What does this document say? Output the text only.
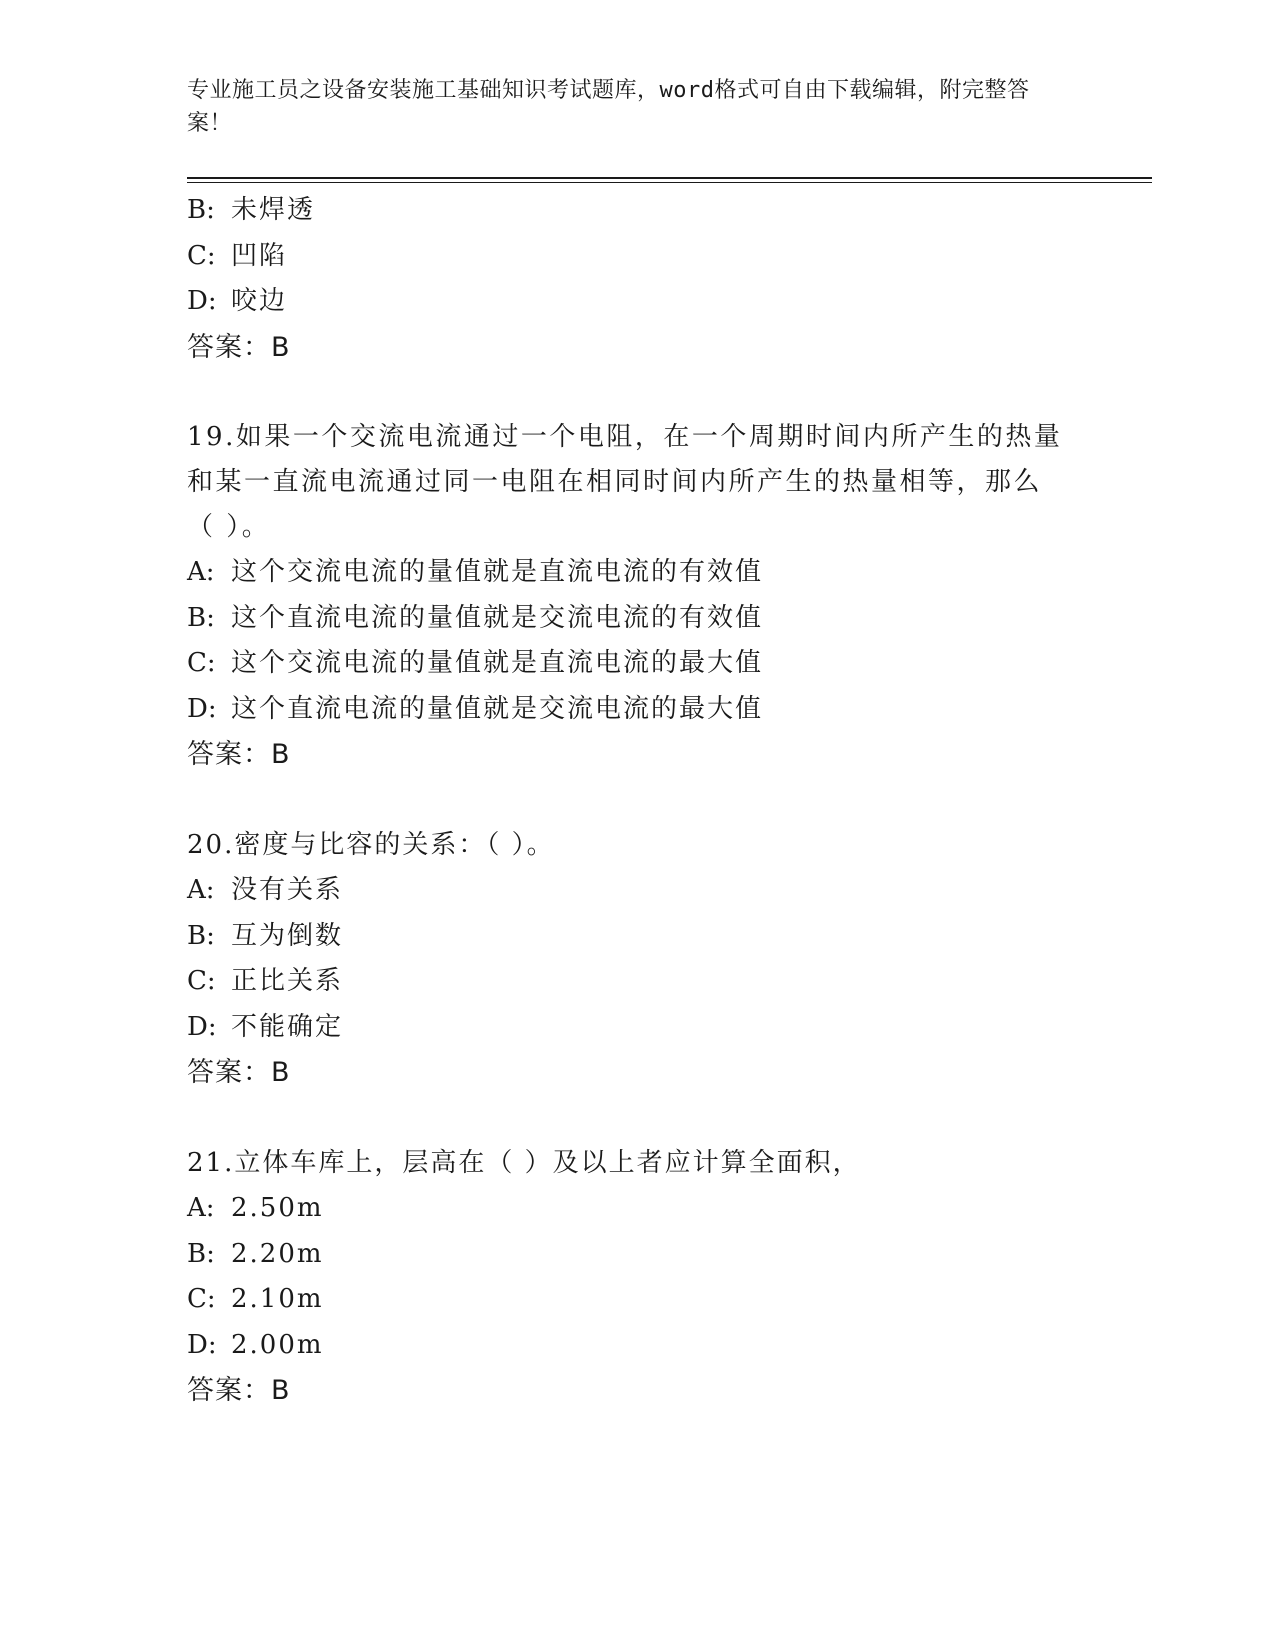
专业施工员之设备安装施工基础知识考试题库，word格式可自由下载编辑，附完整答案！
B: 未焊透
C: 凹陷
D: 咬边
答案：B
19.如果一个交流电流通过一个电阻，在一个周期时间内所产生的热量和某一直流电流通过同一电阻在相同时间内所产生的热量相等，那么（ ）。
A: 这个交流电流的量值就是直流电流的有效值
B: 这个直流电流的量值就是交流电流的有效值
C: 这个交流电流的量值就是直流电流的最大值
D: 这个直流电流的量值就是交流电流的最大值
答案：B
20.密度与比容的关系：（ ）。
A: 没有关系
B: 互为倒数
C: 正比关系
D: 不能确定
答案：B
21.立体车库上，层高在（ ）及以上者应计算全面积，
A: 2.50m
B: 2.20m
C: 2.10m
D: 2.00m
答案：B
